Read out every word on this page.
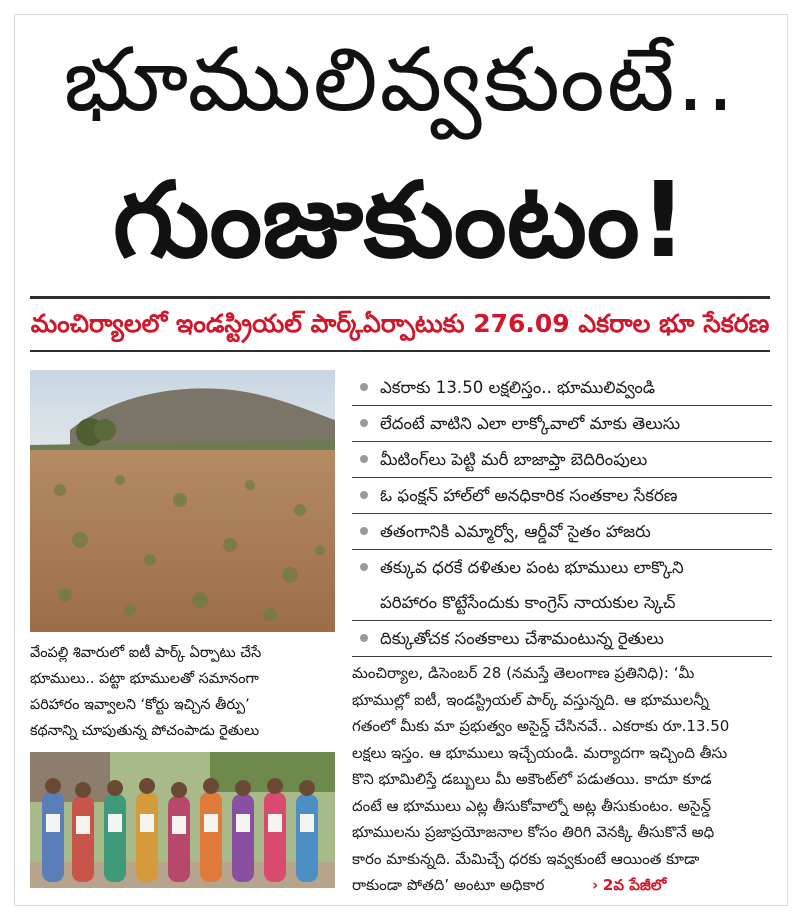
భూములివ్వకుంటే..
గుంజుకుంటం!
మంచిర్యాలలో ఇండస్ట్రియల్‌ పార్క్‌ఏర్పాటుకు 276.09 ఎకరాల భూ సేకరణ
వేంపల్లి శివారులో ఐటీ పార్క్‌ ఏర్పాటు చేసే
భూములు.. పట్టా భూములతో సమానంగా
పరిహారం ఇవ్వాలని ‘కోర్టు ఇచ్చిన తీర్పు’
కథనాన్ని చూపుతున్న పోచంపాడు రైతులు
ఎకరాకు 13.50 లక్షలిస్తం.. భూములివ్వండి
లేదంటే వాటిని ఎలా లాక్కోవాలో మాకు తెలుసు
మీటింగ్‌లు పెట్టి మరీ బాజాప్తా బెదిరింపులు
ఓ ఫంక్షన్‌ హాల్‌లో అనధికారిక సంతకాల సేకరణ
తతంగానికి ఎమ్మార్వో, ఆర్డీవో సైతం హాజరు
తక్కువ ధరకే దళితుల పంట భూములు లాక్కొని
పరిహారం కొట్టేసేందుకు కాంగ్రెస్‌ నాయకుల స్కెచ్‌
దిక్కుతోచక సంతకాలు చేశామంటున్న రైతులు
మంచిర్యాల, డిసెంబర్‌ 28 (నమస్తే తెలంగాణ ప్రతినిధి): ‘మీ
భూముల్లో ఐటీ, ఇండస్ట్రియల్‌ పార్క్‌ వస్తున్నది. ఆ భూములన్నీ
గతంలో మీకు మా ప్రభుత్వం అసైన్డ్‌ చేసినవే.. ఎకరాకు రూ.13.50
లక్షలు ఇస్తం. ఆ భూములు ఇచ్చేయండి. మర్యాదగా ఇచ్చింది తీసు
కొని భూమిలిస్తే డబ్బులు మీ అకౌంట్‌లో పడుతయి. కాదూ కూడ
దంటే ఆ భూములు ఎట్ల తీసుకోవాల్నో అట్ల తీసుకుంటం. అసైన్డ్‌
భూములను ప్రజాప్రయోజనాల కోసం తిరిగి వెనక్కి తీసుకొనే అధి
కారం మాకున్నది. మేమిచ్చే ధరకు ఇవ్వకుంటే ఆయింత కూడా
రాకుండా పోతది’ అంటూ అధికార	› 2వ పేజీలో
